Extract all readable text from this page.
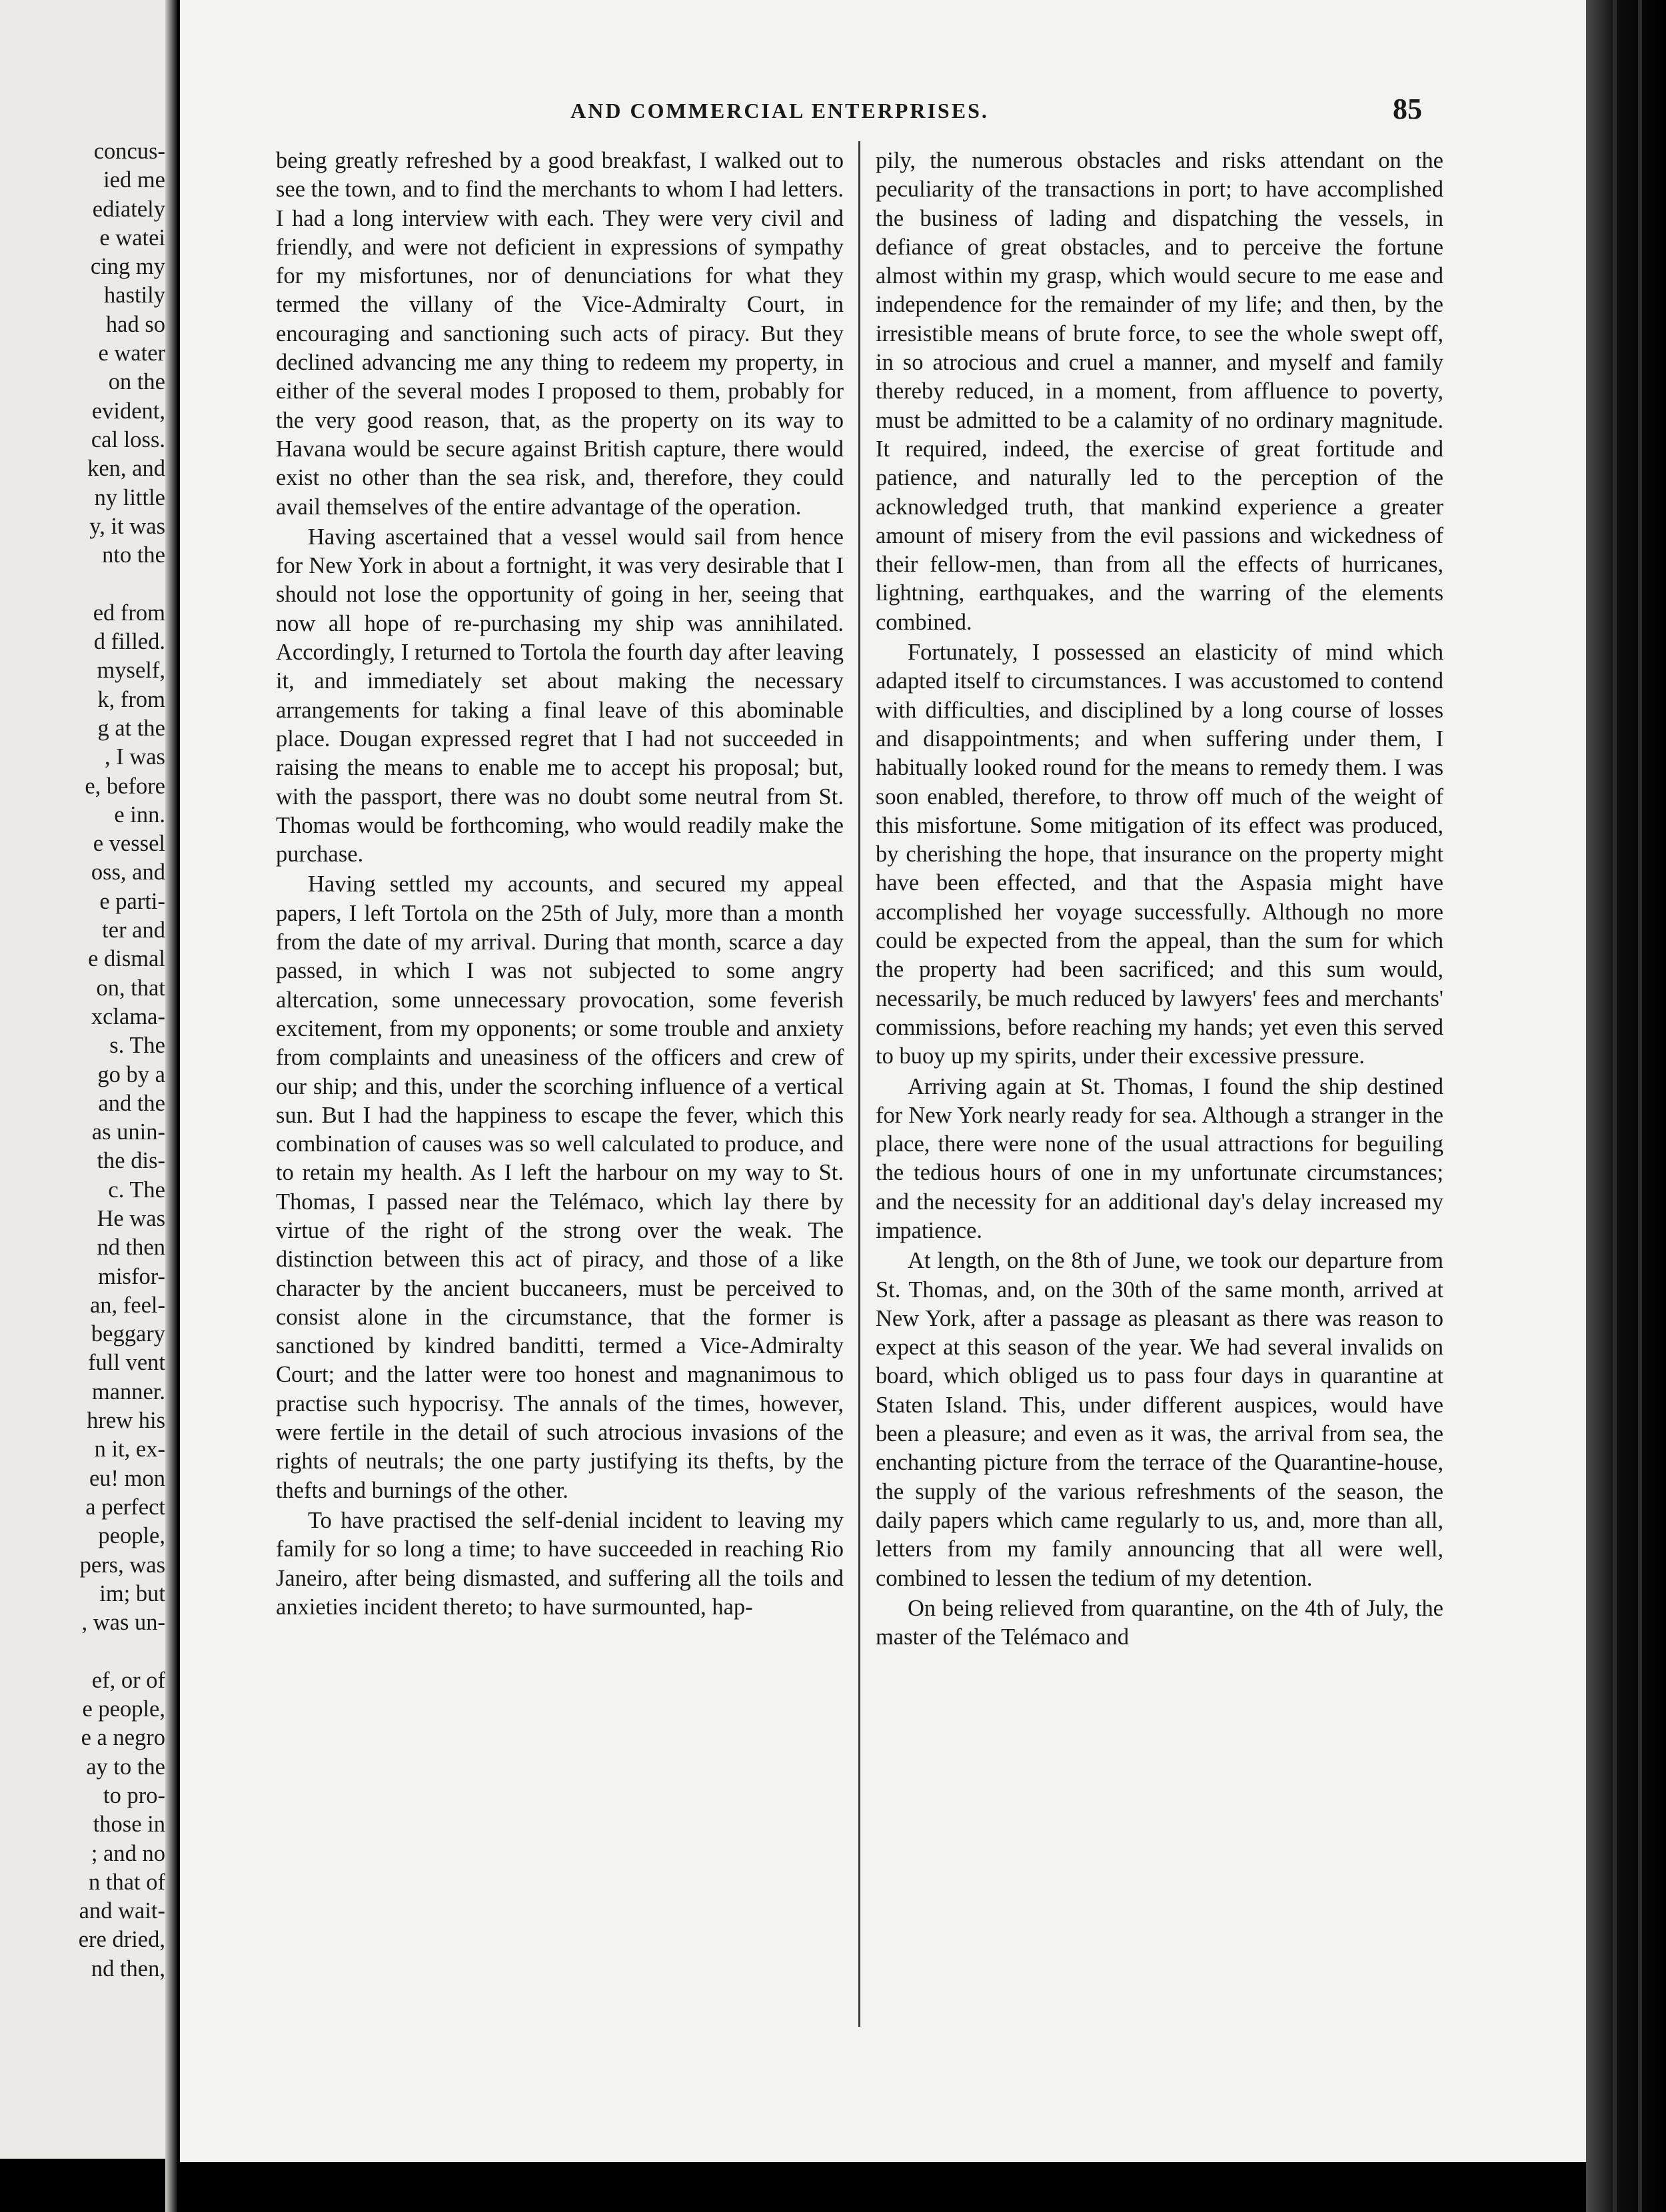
concus-
ied me
ediately
e watei
cing my
hastily
had so
e water
on the
evident,
cal loss.
ken, and
ny little
y, it was
nto the

ed from
d filled.
myself,
k, from
g at the
, I was
e, before
e inn.
e vessel
oss, and
e parti-
ter and
e dismal
on, that
xclama-
s. The
go by a
and the
as unin-
the dis-
c. The
He was
nd then
misfor-
an, feel-
beggary
full vent
manner.
hrew his
n it, ex-
eu! mon
a perfect
people,
pers, was
im; but
, was un-

ef, or of
e people,
e a negro
ay to the
to pro-
those in
; and no
n that of
and wait-
ere dried,
nd then,
AND COMMERCIAL ENTERPRISES.	85

being greatly refreshed by a good breakfast, I walked out to see the town, and to find the merchants to whom I had letters. I had a long interview with each. They were very civil and friendly, and were not deficient in expressions of sympathy for my misfortunes, nor of denunciations for what they termed the villany of the Vice-Admiralty Court, in encouraging and sanctioning such acts of piracy. But they declined advancing me any thing to redeem my property, in either of the several modes I proposed to them, probably for the very good reason, that, as the property on its way to Havana would be secure against British capture, there would exist no other than the sea risk, and, therefore, they could avail themselves of the entire advantage of the operation.

Having ascertained that a vessel would sail from hence for New York in about a fortnight, it was very desirable that I should not lose the opportunity of going in her, seeing that now all hope of re-purchasing my ship was annihilated. Accordingly, I returned to Tortola the fourth day after leaving it, and immediately set about making the necessary arrangements for taking a final leave of this abominable place. Dougan expressed regret that I had not succeeded in raising the means to enable me to accept his proposal; but, with the passport, there was no doubt some neutral from St. Thomas would be forthcoming, who would readily make the purchase.

Having settled my accounts, and secured my appeal papers, I left Tortola on the 25th of July, more than a month from the date of my arrival. During that month, scarce a day passed, in which I was not subjected to some angry altercation, some unnecessary provocation, some feverish excitement, from my opponents; or some trouble and anxiety from complaints and uneasiness of the officers and crew of our ship; and this, under the scorching influence of a vertical sun. But I had the happiness to escape the fever, which this combination of causes was so well calculated to produce, and to retain my health. As I left the harbour on my way to St. Thomas, I passed near the Telémaco, which lay there by virtue of the right of the strong over the weak. The distinction between this act of piracy, and those of a like character by the ancient buccaneers, must be perceived to consist alone in the circumstance, that the former is sanctioned by kindred banditti, termed a Vice-Admiralty Court; and the latter were too honest and magnanimous to practise such hypocrisy. The annals of the times, however, were fertile in the detail of such atrocious invasions of the rights of neutrals; the one party justifying its thefts, by the thefts and burnings of the other.

To have practised the self-denial incident to leaving my family for so long a time; to have succeeded in reaching Rio Janeiro, after being dismasted, and suffering all the toils and anxieties incident thereto; to have surmounted, hap-

pily, the numerous obstacles and risks attendant on the peculiarity of the transactions in port; to have accomplished the business of lading and dispatching the vessels, in defiance of great obstacles, and to perceive the fortune almost within my grasp, which would secure to me ease and independence for the remainder of my life; and then, by the irresistible means of brute force, to see the whole swept off, in so atrocious and cruel a manner, and myself and family thereby reduced, in a moment, from affluence to poverty, must be admitted to be a calamity of no ordinary magnitude. It required, indeed, the exercise of great fortitude and patience, and naturally led to the perception of the acknowledged truth, that mankind experience a greater amount of misery from the evil passions and wickedness of their fellow-men, than from all the effects of hurricanes, lightning, earthquakes, and the warring of the elements combined.

Fortunately, I possessed an elasticity of mind which adapted itself to circumstances. I was accustomed to contend with difficulties, and disciplined by a long course of losses and disappointments; and when suffering under them, I habitually looked round for the means to remedy them. I was soon enabled, therefore, to throw off much of the weight of this misfortune. Some mitigation of its effect was produced, by cherishing the hope, that insurance on the property might have been effected, and that the Aspasia might have accomplished her voyage successfully. Although no more could be expected from the appeal, than the sum for which the property had been sacrificed; and this sum would, necessarily, be much reduced by lawyers' fees and merchants' commissions, before reaching my hands; yet even this served to buoy up my spirits, under their excessive pressure.

Arriving again at St. Thomas, I found the ship destined for New York nearly ready for sea. Although a stranger in the place, there were none of the usual attractions for beguiling the tedious hours of one in my unfortunate circumstances; and the necessity for an additional day's delay increased my impatience.

At length, on the 8th of June, we took our departure from St. Thomas, and, on the 30th of the same month, arrived at New York, after a passage as pleasant as there was reason to expect at this season of the year. We had several invalids on board, which obliged us to pass four days in quarantine at Staten Island. This, under different auspices, would have been a pleasure; and even as it was, the arrival from sea, the enchanting picture from the terrace of the Quarantine-house, the supply of the various refreshments of the season, the daily papers which came regularly to us, and, more than all, letters from my family announcing that all were well, combined to lessen the tedium of my detention.

On being relieved from quarantine, on the 4th of July, the master of the Telémaco and
